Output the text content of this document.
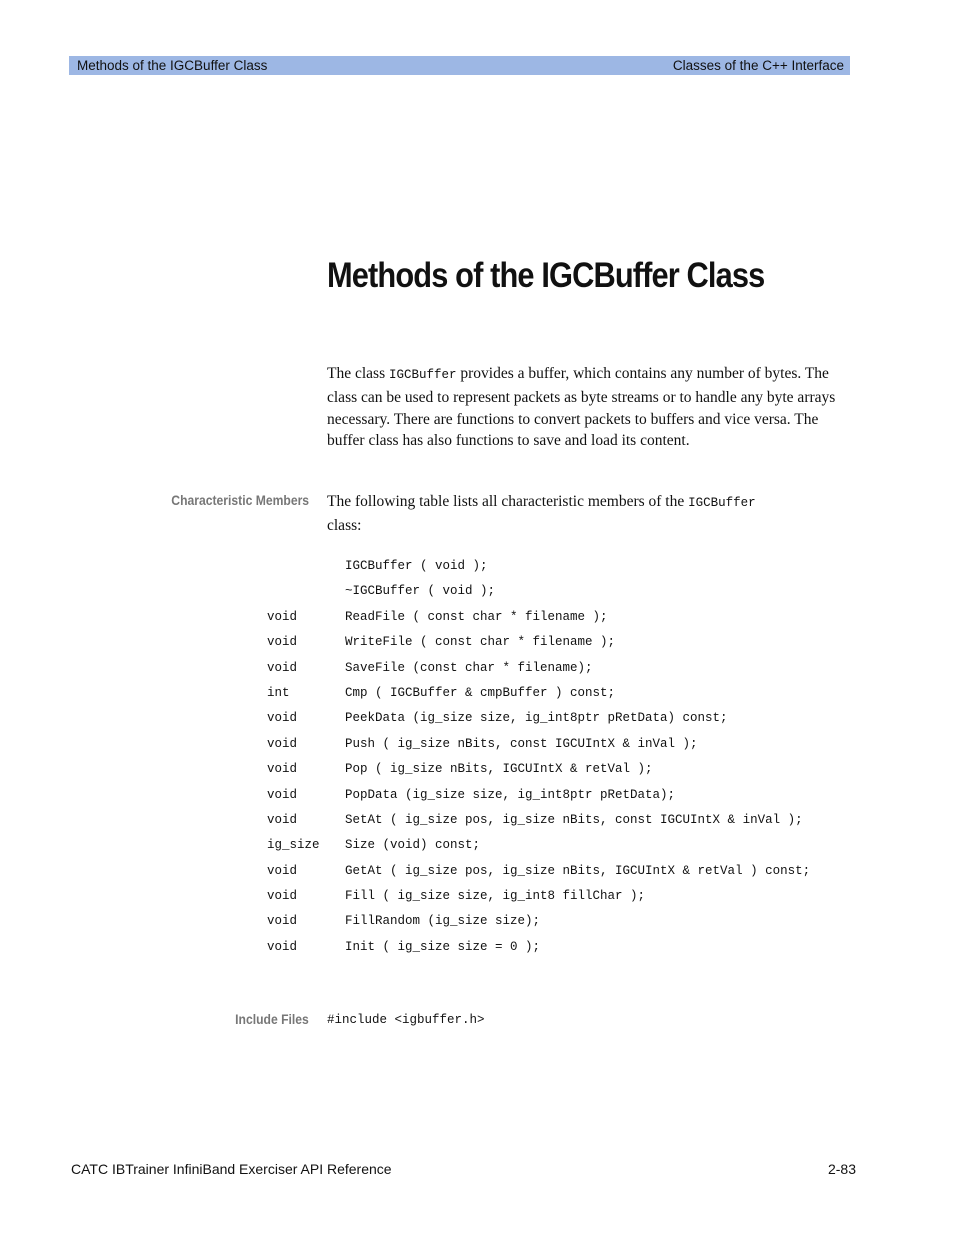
Methods of the IGCBuffer Class	Classes of the C++ Interface
Methods of the IGCBuffer Class

The class IGCBuffer provides a buffer, which contains any number of bytes. The class can be used to represent packets as byte streams or to handle any byte arrays necessary. There are functions to convert packets to buffers and vice versa. The buffer class has also functions to save and load its content.

Characteristic Members The following table lists all characteristic members of the IGCBuffer
class:

IGCBuffer ( void );
~IGCBuffer ( void );
void	ReadFile ( const char * filename );
void	WriteFile ( const char * filename );
void	SaveFile (const char * filename);
int	Cmp ( IGCBuffer & cmpBuffer ) const;
void	PeekData (ig_size size, ig_int8ptr pRetData) const;
void	Push ( ig_size nBits, const IGCUIntX & inVal );
void	Pop ( ig_size nBits, IGCUIntX & retVal );
void	PopData (ig_size size, ig_int8ptr pRetData);
void	SetAt ( ig_size pos, ig_size nBits, const IGCUIntX & inVal );
ig_size Size (void) const;
void	GetAt ( ig_size pos, ig_size nBits, IGCUIntX & retVal ) const;
void	Fill ( ig_size size, ig_int8 fillChar );
void	FillRandom (ig_size size);
void	Init ( ig_size size = 0 );
Include Files #include <igbuffer.h>
CATC IBTrainer InfiniBand Exerciser API Reference	2-83
